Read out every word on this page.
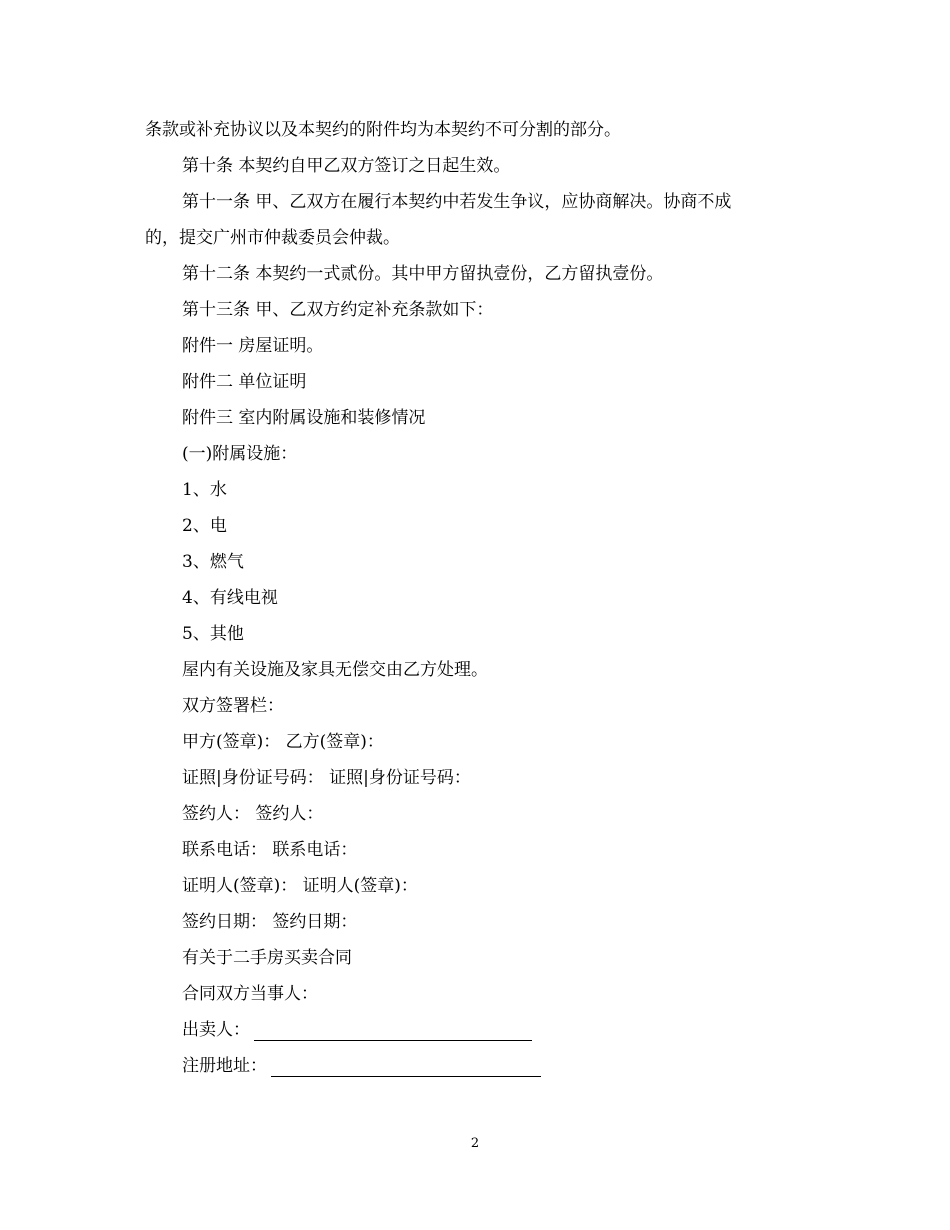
条款或补充协议以及本契约的附件均为本契约不可分割的部分。
第十条 本契约自甲乙双方签订之日起生效。
第十一条 甲、乙双方在履行本契约中若发生争议，应协商解决。协商不成
的，提交广州市仲裁委员会仲裁。
第十二条 本契约一式贰份。其中甲方留执壹份，乙方留执壹份。
第十三条 甲、乙双方约定补充条款如下：
附件一 房屋证明。
附件二 单位证明
附件三 室内附属设施和装修情况
(一)附属设施：
1、水
2、电
3、燃气
4、有线电视
5、其他
屋内有关设施及家具无偿交由乙方处理。
双方签署栏：
甲方(签章)： 乙方(签章)：
证照|身份证号码： 证照|身份证号码：
签约人： 签约人：
联系电话： 联系电话：
证明人(签章)： 证明人(签章)：
签约日期： 签约日期：
有关于二手房买卖合同
合同双方当事人：
出卖人：
注册地址：
2
